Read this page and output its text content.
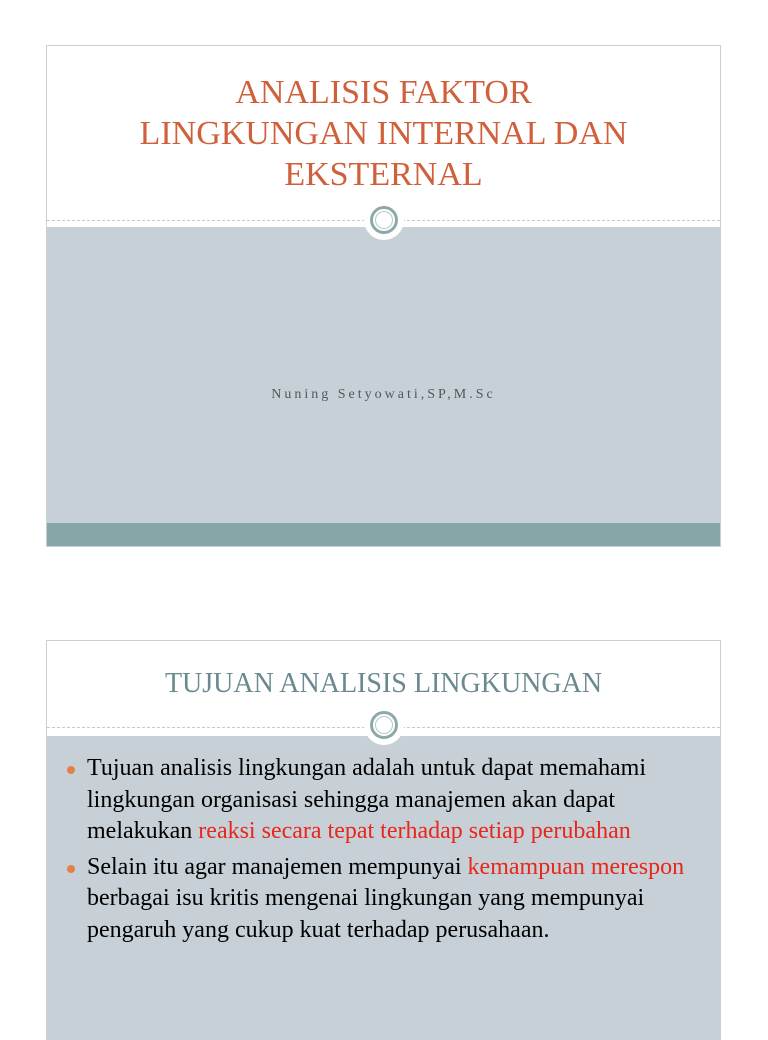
ANALISIS FAKTOR
LINGKUNGAN INTERNAL DAN
EKSTERNAL
Nuning Setyowati,SP,M.Sc
TUJUAN ANALISIS LINGKUNGAN
Tujuan analisis lingkungan adalah untuk dapat memahami lingkungan organisasi sehingga manajemen akan dapat melakukan reaksi secara tepat terhadap setiap perubahan
Selain itu agar manajemen mempunyai kemampuan merespon berbagai isu kritis mengenai lingkungan yang mempunyai pengaruh yang cukup kuat terhadap perusahaan.
